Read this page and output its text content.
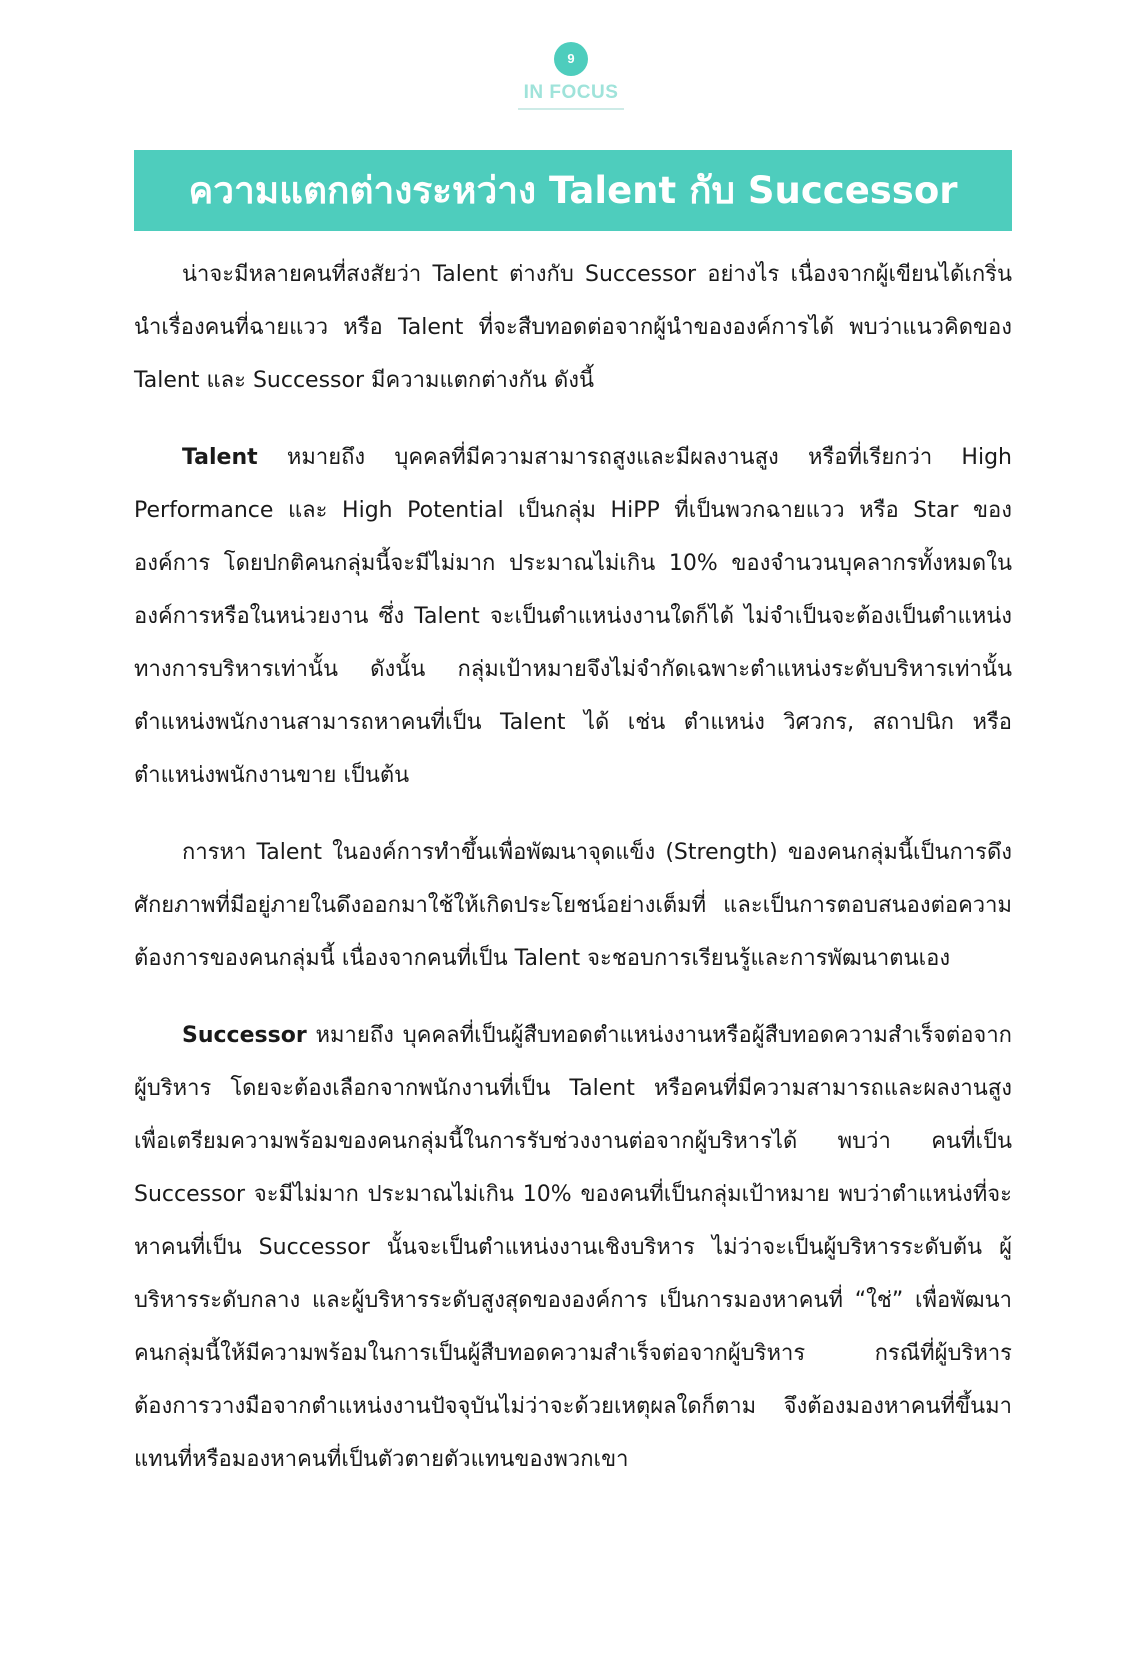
9
IN FOCUS
ความแตกต่างระหว่าง Talent กับ Successor

น่าจะมีหลายคนที่สงสัยว่า Talent ต่างกับ Successor อย่างไร เนื่องจากผู้เขียนได้เกริ่นนำเรื่องคนที่ฉายแวว หรือ Talent ที่จะสืบทอดต่อจากผู้นำขององค์การได้ พบว่าแนวคิดของ Talent และ Successor มีความแตกต่างกัน ดังนี้

Talent หมายถึง บุคคลที่มีความสามารถสูงและมีผลงานสูง หรือที่เรียกว่า High Performance และ High Potential เป็นกลุ่ม HiPP ที่เป็นพวกฉายแวว หรือ Star ขององค์การ โดยปกติคนกลุ่มนี้จะมีไม่มาก ประมาณไม่เกิน 10% ของจำนวนบุคลากรทั้งหมดในองค์การหรือในหน่วยงาน ซึ่ง Talent จะเป็นตำแหน่งงานใดก็ได้ ไม่จำเป็นจะต้องเป็นตำแหน่งทางการบริหารเท่านั้น ดังนั้น กลุ่มเป้าหมายจึงไม่จำกัดเฉพาะตำแหน่งระดับบริหารเท่านั้น ตำแหน่งพนักงานสามารถหาคนที่เป็น Talent ได้ เช่น ตำแหน่ง วิศวกร, สถาปนิก หรือตำแหน่งพนักงานขาย เป็นต้น

การหา Talent ในองค์การทำขึ้นเพื่อพัฒนาจุดแข็ง (Strength) ของคนกลุ่มนี้เป็นการดึงศักยภาพที่มีอยู่ภายในดึงออกมาใช้ให้เกิดประโยชน์อย่างเต็มที่ และเป็นการตอบสนองต่อความต้องการของคนกลุ่มนี้ เนื่องจากคนที่เป็น Talent จะชอบการเรียนรู้และการพัฒนาตนเอง

Successor หมายถึง บุคคลที่เป็นผู้สืบทอดตำแหน่งงานหรือผู้สืบทอดความสำเร็จต่อจากผู้บริหาร โดยจะต้องเลือกจากพนักงานที่เป็น Talent หรือคนที่มีความสามารถและผลงานสูง เพื่อเตรียมความพร้อมของคนกลุ่มนี้ในการรับช่วงงานต่อจากผู้บริหารได้ พบว่า คนที่เป็น Successor จะมีไม่มาก ประมาณไม่เกิน 10% ของคนที่เป็นกลุ่มเป้าหมาย พบว่าตำแหน่งที่จะหาคนที่เป็น Successor นั้นจะเป็นตำแหน่งงานเชิงบริหาร ไม่ว่าจะเป็นผู้บริหารระดับต้น ผู้บริหารระดับกลาง และผู้บริหารระดับสูงสุดขององค์การ เป็นการมองหาคนที่ “ใช่” เพื่อพัฒนาคนกลุ่มนี้ให้มีความพร้อมในการเป็นผู้สืบทอดความสำเร็จต่อจากผู้บริหาร กรณีที่ผู้บริหารต้องการวางมือจากตำแหน่งงานปัจจุบันไม่ว่าจะด้วยเหตุผลใดก็ตาม จึงต้องมองหาคนที่ขึ้นมาแทนที่หรือมองหาคนที่เป็นตัวตายตัวแทนของพวกเขา
